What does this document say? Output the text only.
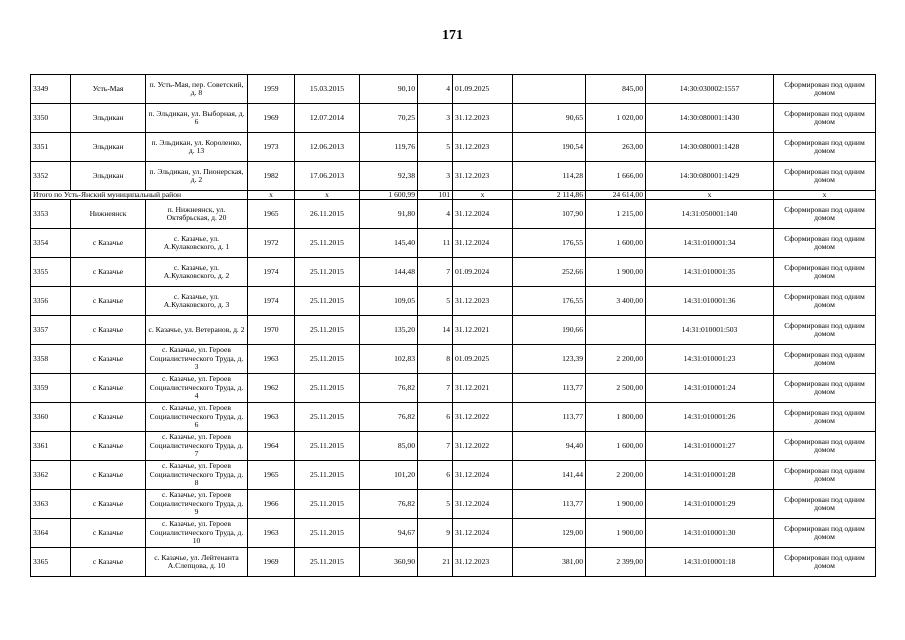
171
3349	Усть-Мая	п. Усть-Мая, пер. Советский, д. 8	1959	15.03.2015	90,10	4	01.09.2025		845,00	14:30:030002:1557	Сформирован под одним домом
3350	Эльдикан	п. Эльдикан, ул. Выборная, д. 6	1969	12.07.2014	70,25	3	31.12.2023	90,65	1 020,00	14:30:080001:1430	Сформирован под одним домом
3351	Эльдикан	п. Эльдикан, ул. Короленко, д. 13	1973	12.06.2013	119,76	5	31.12.2023	190,54	263,00	14:30:080001:1428	Сформирован под одним домом
3352	Эльдикан	п. Эльдикан, ул. Пионерская, д. 2	1982	17.06.2013	92,38	3	31.12.2023	114,28	1 666,00	14:30:080001:1429	Сформирован под одним домом
Итого по Усть-Янский муниципальный район			х	х	1 600,99	101	х	2 114,86	24 614,00	х	х
3353	Нижнеянск	п. Нижнеянск, ул. Октябрьская, д. 20	1965	26.11.2015	91,80	4	31.12.2024	107,90	1 215,00	14:31:050001:140	Сформирован под одним домом
3354	с Казачье	с. Казачье, ул. А.Кулаковского, д. 1	1972	25.11.2015	145,40	11	31.12.2024	176,55	1 600,00	14:31:010001:34	Сформирован под одним домом
3355	с Казачье	с. Казачье, ул. А.Кулаковского, д. 2	1974	25.11.2015	144,48	7	01.09.2024	252,66	1 900,00	14:31:010001:35	Сформирован под одним домом
3356	с Казачье	с. Казачье, ул. А.Кулаковского, д. 3	1974	25.11.2015	109,05	5	31.12.2023	176,55	3 400,00	14:31:010001:36	Сформирован под одним домом
3357	с Казачье	с. Казачье, ул. Ветеранов, д. 2	1970	25.11.2015	135,20	14	31.12.2021	190,66		14:31:010001:503	Сформирован под одним домом
3358	с Казачье	с. Казачье, ул. Героев Социалистического Труда, д. 3	1963	25.11.2015	102,83	8	01.09.2025	123,39	2 200,00	14:31:010001:23	Сформирован под одним домом
3359	с Казачье	с. Казачье, ул. Героев Социалистического Труда, д. 4	1962	25.11.2015	76,82	7	31.12.2021	113,77	2 500,00	14:31:010001:24	Сформирован под одним домом
3360	с Казачье	с. Казачье, ул. Героев Социалистического Труда, д. 6	1963	25.11.2015	76,82	6	31.12.2022	113,77	1 800,00	14:31:010001:26	Сформирован под одним домом
3361	с Казачье	с. Казачье, ул. Героев Социалистического Труда, д. 7	1964	25.11.2015	85,00	7	31.12.2022	94,40	1 600,00	14:31:010001:27	Сформирован под одним домом
3362	с Казачье	с. Казачье, ул. Героев Социалистического Труда, д. 8	1965	25.11.2015	101,20	6	31.12.2024	141,44	2 200,00	14:31:010001:28	Сформирован под одним домом
3363	с Казачье	с. Казачье, ул. Героев Социалистического Труда, д. 9	1966	25.11.2015	76,82	5	31.12.2024	113,77	1 900,00	14:31:010001:29	Сформирован под одним домом
3364	с Казачье	с. Казачье, ул. Героев Социалистического Труда, д. 10	1963	25.11.2015	94,67	9	31.12.2024	129,00	1 900,00	14:31:010001:30	Сформирован под одним домом
3365	с Казачье	с. Казачье, ул. Лейтенанта А.Слепцова, д. 10	1969	25.11.2015	360,90	21	31.12.2023	381,00	2 399,00	14:31:010001:18	Сформирован под одним домом
